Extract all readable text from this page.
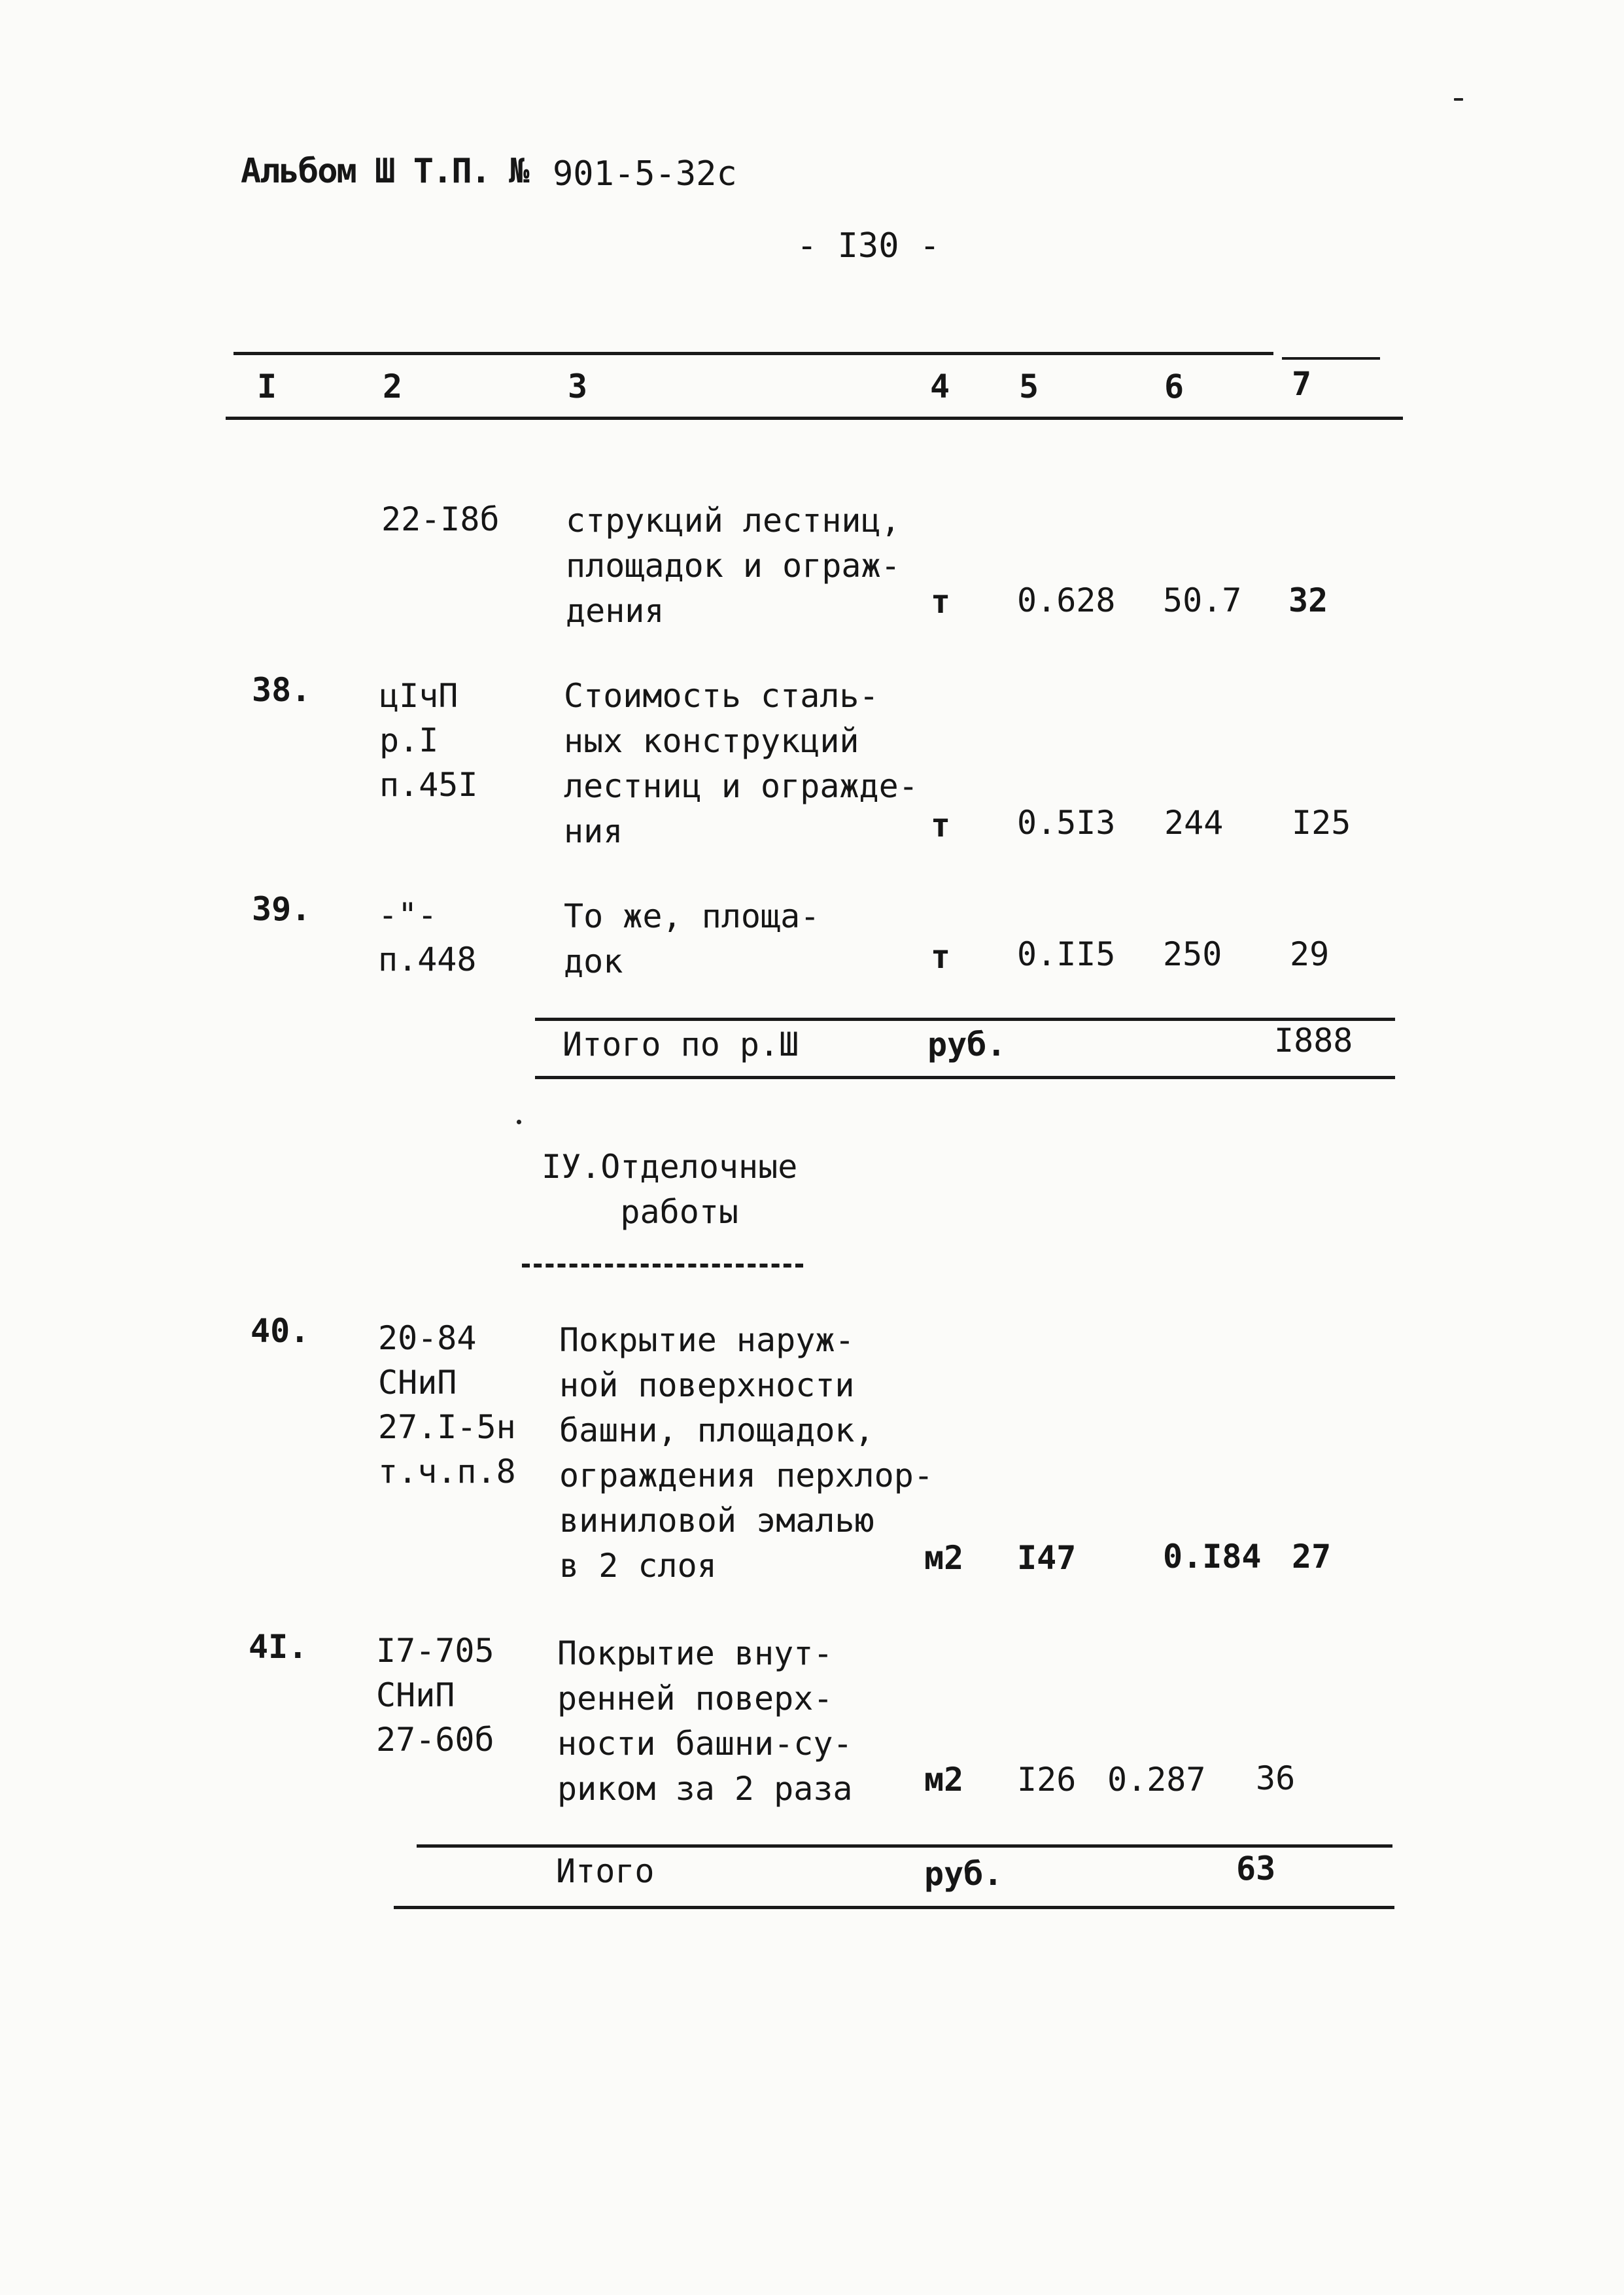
Альбом Ш Т.П. № 901-5-32с
- I30 -
I	2	3	4 5	6	7
22-I8б струкций лестниц,
площадок и ограж-
дения	т 0.628 50.7 32
38. цIчП
р.I
п.45I
Стоимость сталь-
ных конструкций
лестниц и огражде-
ния	т 0.5I3 244 I25
39. -"-
п.448
То же, площа-
док	т 0.II5 250 29
Итого по р.Ш	руб.	I888
IУ.Отделочные
работы
40. 20-84
СНиП
27.I-5н
т.ч.п.8
Покрытие наруж-
ной поверхности
башни, площадок,
ограждения перхлор-
виниловой эмалью
в 2 слоя	м2 I47	0.I84 27
4I. I7-705
СНиП
27-60б
Покрытие внут-
ренней поверх-
ности башни-су-
риком за 2 раза м2 I26 0.287 36
Итого	руб.	63
